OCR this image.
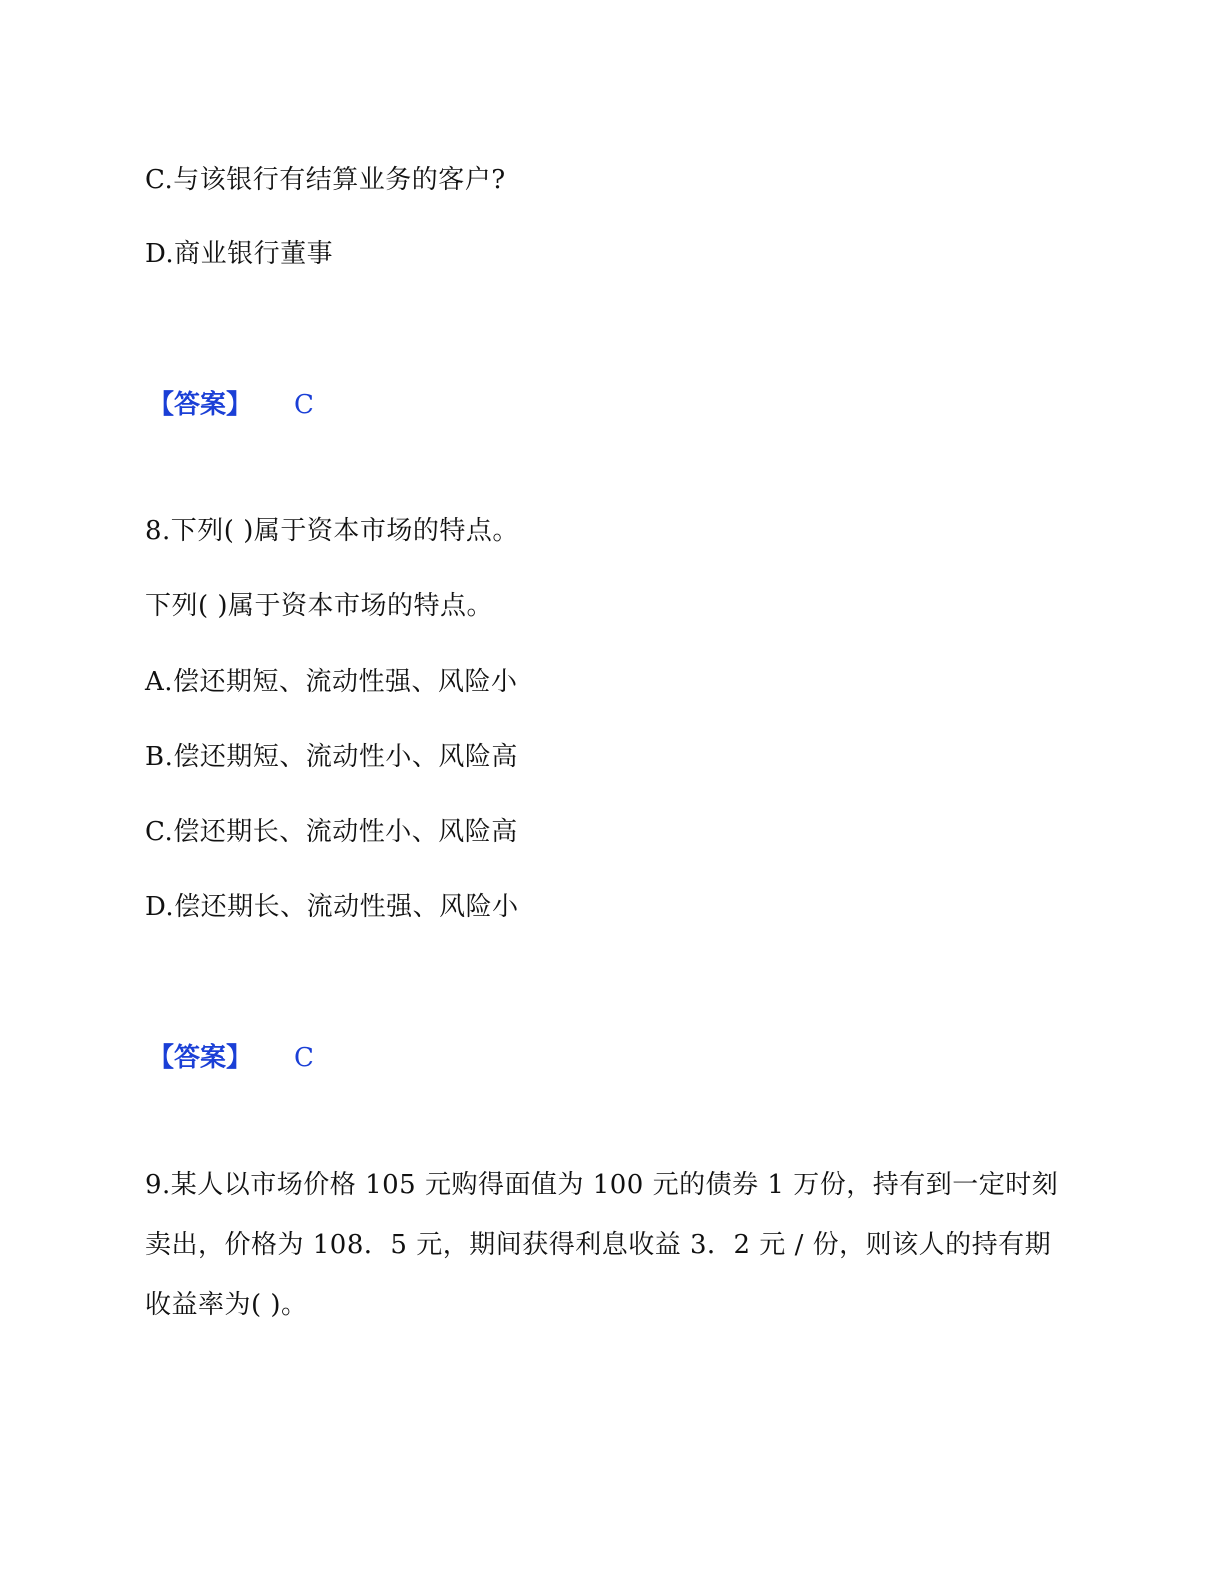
C.与该银行有结算业务的客户?
D.商业银行董事
【答案】 C
8.下列( )属于资本市场的特点。
下列( )属于资本市场的特点。
A.偿还期短、流动性强、风险小
B.偿还期短、流动性小、风险高
C.偿还期长、流动性小、风险高
D.偿还期长、流动性强、风险小
【答案】 C
9.某人以市场价格 105 元购得面值为 100 元的债券 1 万份，持有到一定时刻卖出，价格为 108．5 元，期间获得利息收益 3．2 元 / 份，则该人的持有期收益率为( )。
